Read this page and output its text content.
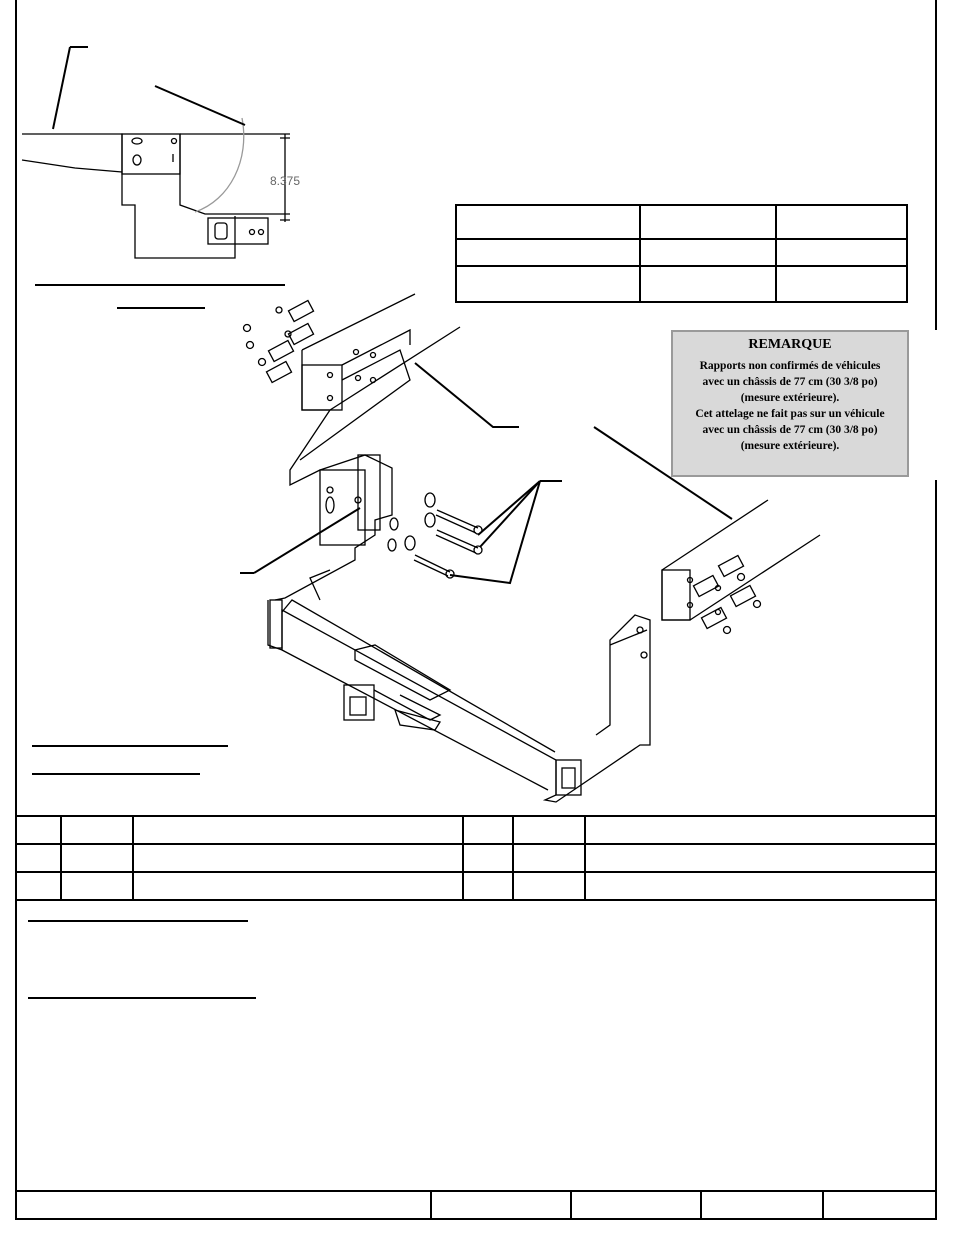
8.375

REMARQUE
Rapports non confirmés de véhicules
avec un châssis de 77 cm (30 3/8 po)
(mesure extérieure).
Cet attelage ne fait pas sur un véhicule
avec un châssis de 77 cm (30 3/8 po)
(mesure extérieure).
